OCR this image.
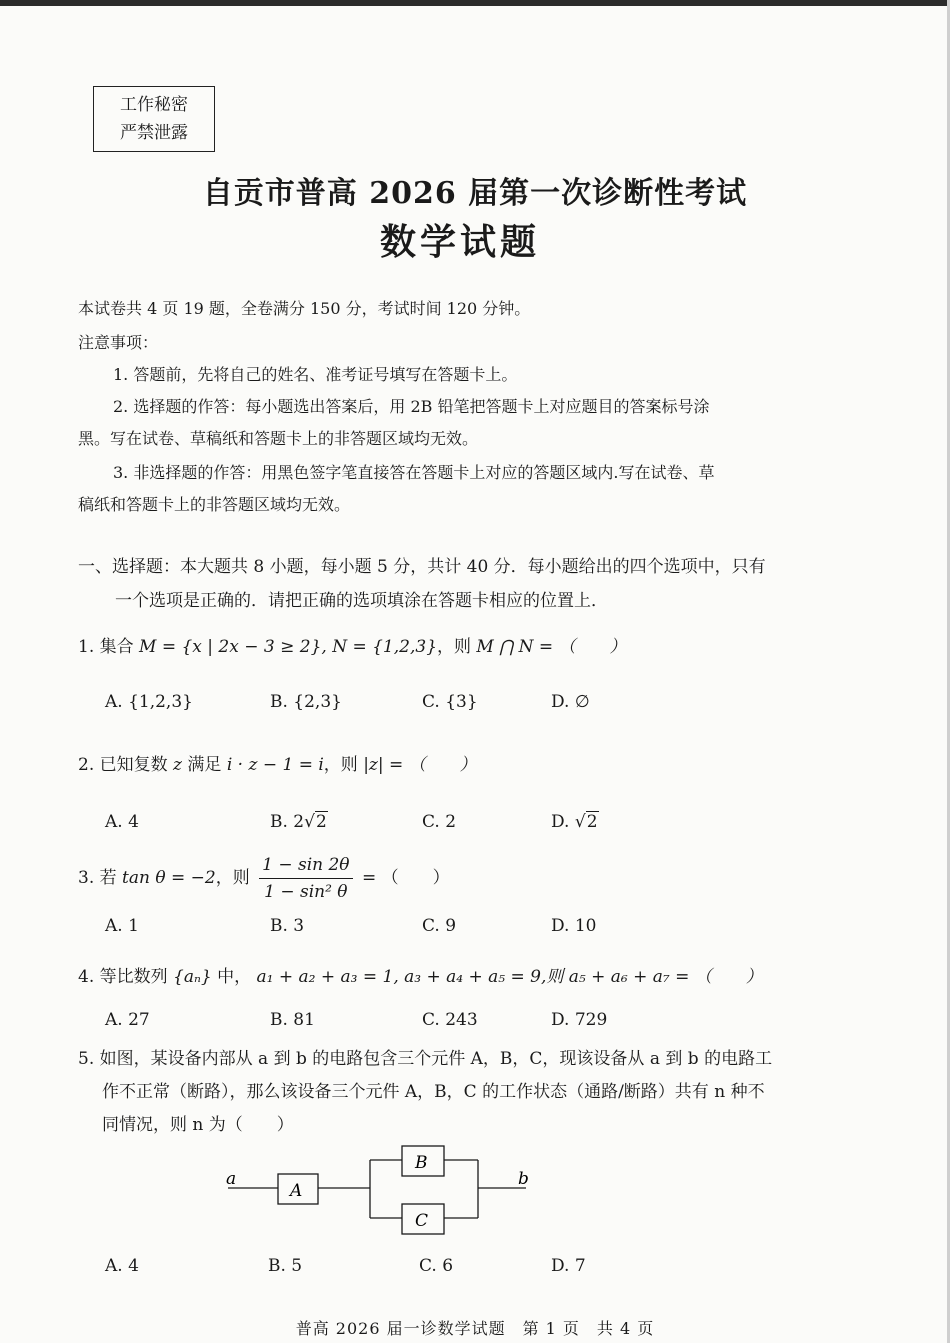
工作秘密
严禁泄露
自贡市普高 2026 届第一次诊断性考试
数学试题
本试卷共 4 页 19 题，全卷满分 150 分，考试时间 120 分钟。
注意事项：
1. 答题前，先将自己的姓名、准考证号填写在答题卡上。
2. 选择题的作答：每小题选出答案后，用 2B 铅笔把答题卡上对应题目的答案标号涂
黑。写在试卷、草稿纸和答题卡上的非答题区域均无效。
3. 非选择题的作答：用黑色签字笔直接答在答题卡上对应的答题区域内.写在试卷、草
稿纸和答题卡上的非答题区域均无效。
一、选择题：本大题共 8 小题，每小题 5 分，共计 40 分．每小题给出的四个选项中，只有
一个选项是正确的．请把正确的选项填涂在答题卡相应的位置上．
1. 集合 M = {x | 2x − 3 ≥ 2}, N = {1,2,3}，则 M ⋂ N = （　　）
A. {1,2,3}	B. {2,3}	C. {3}	D. ∅
2. 已知复数 z 满足 i · z − 1 = i，则 |z| = （　　）
A. 4	B. 2√2	C. 2	D. √2
3. 若 tan θ = −2，则 $\frac{1 - \sin 2\theta}{\text{1 − sin² θ}}$ = （　　）
A. 1	B. 3	C. 9	D. 10
4. 等比数列 {aₙ} 中， a₁ + a₂ + a₃ = 1, a₃ + a₄ + a₅ = 9,则 a₅ + a₆ + a₇ = （　　）
A. 27	B. 81	C. 243	D. 729
5. 如图，某设备内部从 a 到 b 的电路包含三个元件 A，B，C，现该设备从 a 到 b 的电路工
作不正常（断路），那么该设备三个元件 A，B，C 的工作状态（通路/断路）共有 n 种不
同情况，则 n 为（　　）
a
A
B
C
b
A. 4	B. 5	C. 6	D. 7
普高 2026 届一诊数学试题　第 1 页　共 4 页
